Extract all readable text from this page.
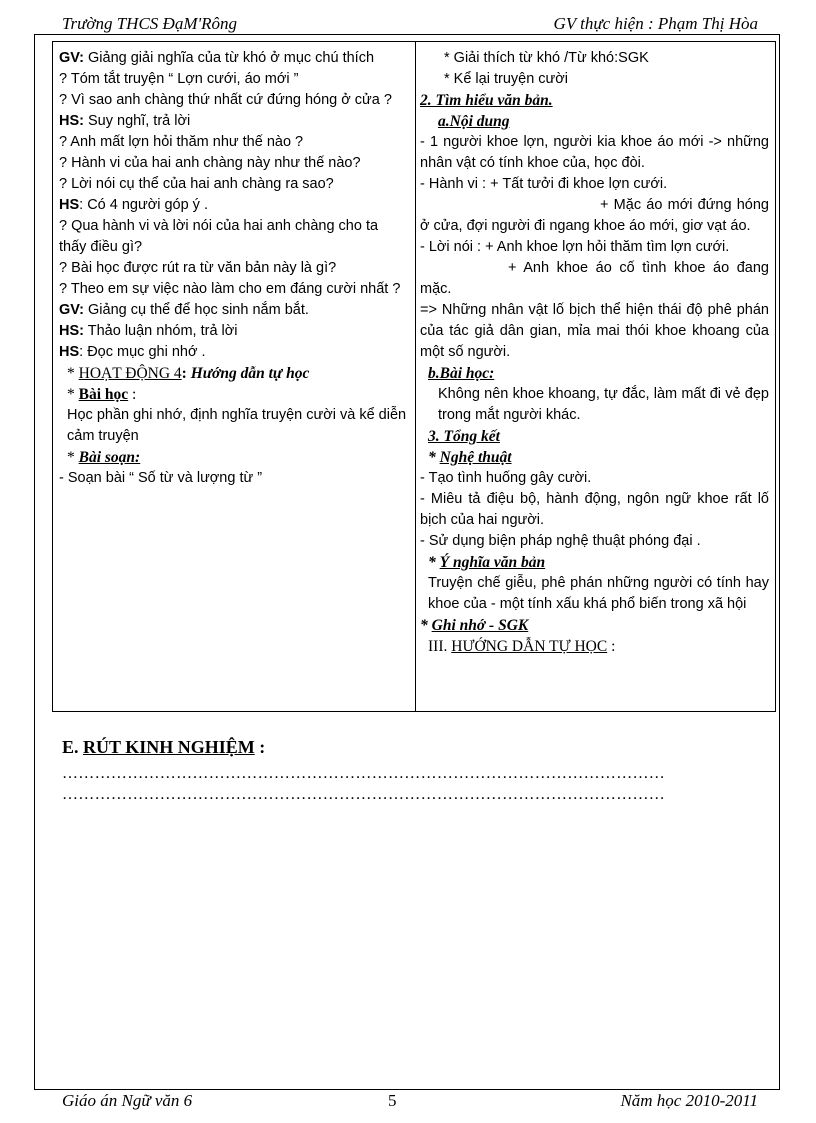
Trường THCS ĐạM'Rông	GV thực hiện : Phạm Thị Hòa

GV: Giảng giải nghĩa của từ khó ở mục chú thích

? Tóm tắt truyện “ Lợn cưới, áo mới ”

? Vì sao anh chàng thứ nhất cứ đứng hóng ở cửa ?

HS: Suy nghĩ, trả lời

? Anh mất lợn hỏi thăm như thế nào ?

? Hành vi của hai anh chàng này như thế nào?

? Lời nói cụ thể của hai anh chàng ra sao?

HS: Có 4 người góp ý .

? Qua hành vi và lời nói của hai anh chàng cho ta thấy điều gì?

? Bài học được rút ra từ văn bản này là gì?

? Theo em sự việc nào làm cho em đáng cười nhất ?

GV: Giảng cụ thể để học sinh nắm bắt.

HS: Thảo luận nhóm, trả lời

HS: Đọc mục ghi nhớ .

* HOẠT ĐỘNG 4: Hướng dẫn tự học

* Bài học :

Học phần ghi nhớ, định nghĩa truyện cười và kể diễn cảm truyện

* Bài soạn:

- Soạn bài “ Số từ và lượng từ ”

* Giải thích từ khó /Từ khó:SGK

* Kể lại truyện cười

2. Tìm hiểu văn bản.

a.Nội dung

- 1 người khoe lợn, người kia khoe áo mới -> những nhân vật có tính khoe của, học đòi.

- Hành vi : + Tất tưởi đi khoe lợn cưới.

+ Mặc áo mới đứng hóng ở cửa, đợi người đi ngang khoe áo mới, giơ vạt áo.

- Lời nói : + Anh khoe lợn hỏi thăm tìm lợn cưới.

+ Anh khoe áo cố tình khoe áo đang mặc.

=> Những nhân vật lố bịch thể hiện thái độ phê phán của tác giả dân gian, mỉa mai thói khoe khoang của một số người.

b.Bài học:

Không nên khoe khoang, tự đắc, làm mất đi vẻ đẹp trong mắt người khác.

3. Tổng kết

* Nghệ thuật

- Tạo tình huống gây cười.

- Miêu tả điệu bộ, hành động, ngôn ngữ khoe rất lố bịch của hai người.

- Sử dụng biện pháp nghệ thuật phóng đại .

* Ý nghĩa văn bản

Truyện chế giễu, phê phán những người có tính hay khoe của - một tính xấu khá phổ biến trong xã hội

* Ghi nhớ - SGK

III. HƯỚNG DẪN TỰ HỌC :

E. RÚT KINH NGHIỆM :
…………………………………………………………………………………………………
…………………………………………………………………………………………………
Giáo án Ngữ văn 6	5	Năm học 2010-2011
